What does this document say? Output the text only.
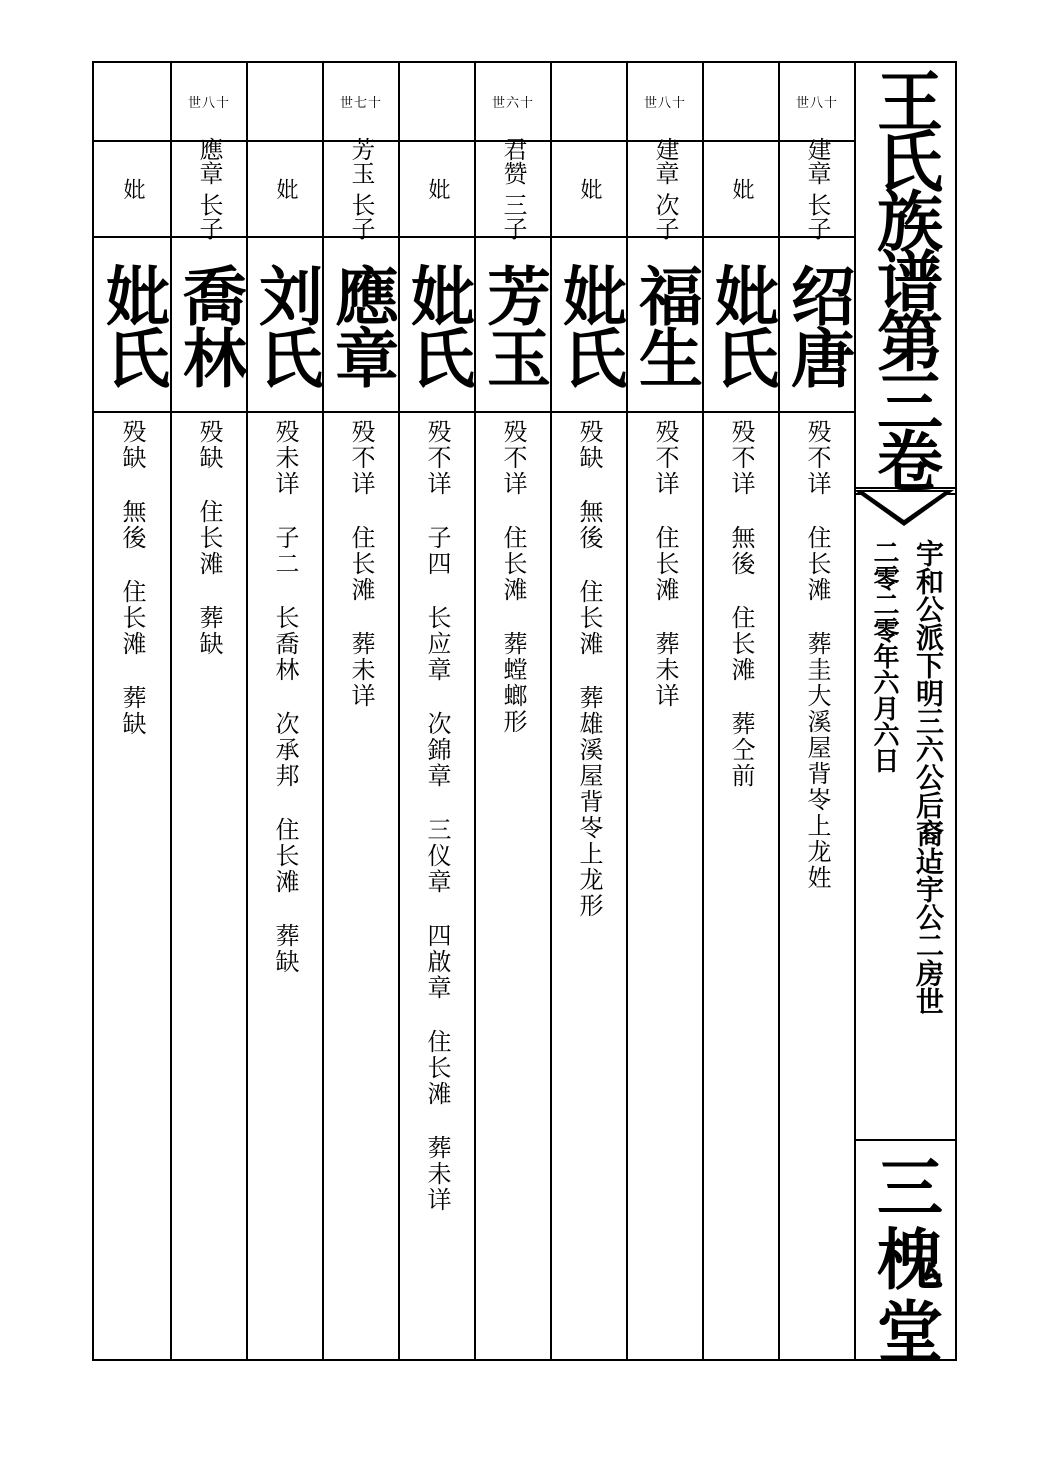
王氏族谱第三卷
宇和公派下明三六公后裔迠宇公二房世
二零二零年六月六日
三槐堂
世八十
建章 长子
绍唐
殁不详住长滩葬圭大溪屋背岺上龙姓
妣
妣氏
殁不详無後住长滩葬仝前
世八十
建章 次子
福生
殁不详住长滩葬未详
妣
妣氏
殁缺無後住长滩葬雄溪屋背岺上龙形
世六十
君赞 三子
芳玉
殁不详住长滩葬螳螂形
妣
妣氏
殁不详子四长应章次錦章三仪章四啟章住长滩葬未详
世七十
芳玉 长子
應章
殁不详住长滩葬未详
妣
刘氏
殁未详子二长喬林次承邦住长滩葬缺
世八十
應章 长子
喬林
殁缺住长滩葬缺
妣
妣氏
殁缺無後住长滩葬缺
